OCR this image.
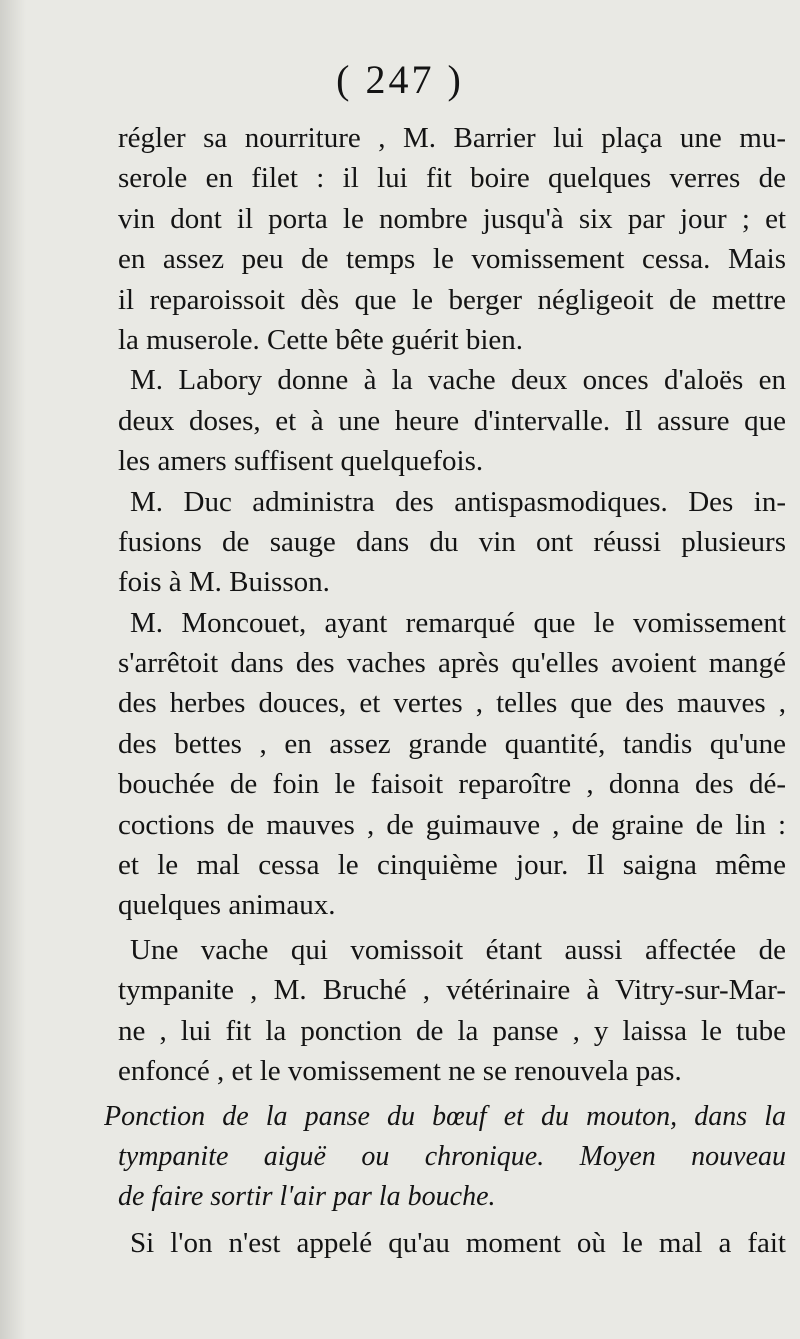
( 247 )
régler sa nourriture , M. Barrier lui plaça une mu-
serole en filet : il lui fit boire quelques verres de
vin dont il porta le nombre jusqu'à six par jour ; et
en assez peu de temps le vomissement cessa. Mais
il reparoissoit dès que le berger négligeoit de mettre
la muserole. Cette bête guérit bien.
M. Labory donne à la vache deux onces d'aloës en
deux doses, et à une heure d'intervalle. Il assure que
les amers suffisent quelquefois.
M. Duc administra des antispasmodiques. Des in-
fusions de sauge dans du vin ont réussi plusieurs
fois à M. Buisson.
M. Moncouet, ayant remarqué que le vomissement
s'arrêtoit dans des vaches après qu'elles avoient mangé
des herbes douces, et vertes , telles que des mauves ,
des bettes , en assez grande quantité, tandis qu'une
bouchée de foin le faisoit reparoître , donna des dé-
coctions de mauves , de guimauve , de graine de lin :
et le mal cessa le cinquième jour. Il saigna même
quelques animaux.
Une vache qui vomissoit étant aussi affectée de
tympanite , M. Bruché , vétérinaire à Vitry-sur-Mar-
ne , lui fit la ponction de la panse , y laissa le tube
enfoncé , et le vomissement ne se renouvela pas.
Ponction de la panse du bœuf et du mouton, dans la
tympanite aiguë ou chronique. Moyen nouveau
de faire sortir l'air par la bouche.
Si l'on n'est appelé qu'au moment où le mal a fait
